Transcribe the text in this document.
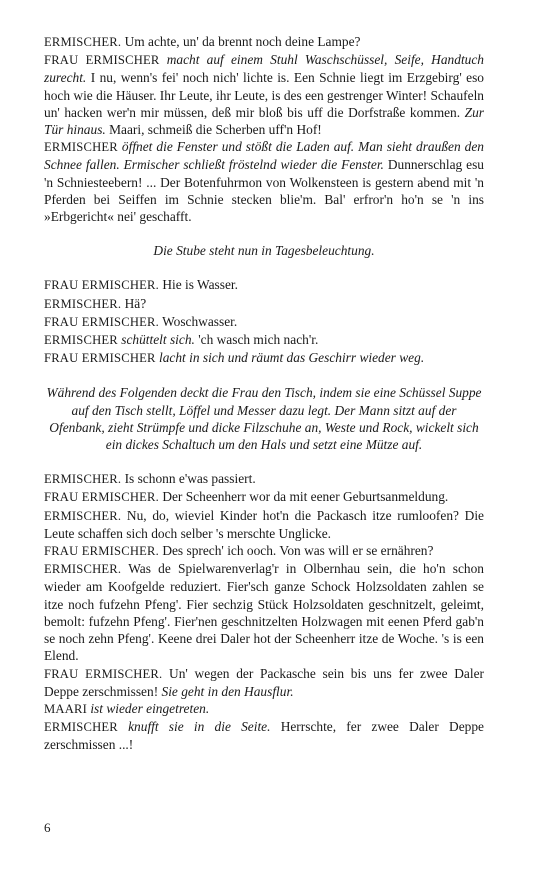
ERMISCHER. Um achte, un' da brennt noch deine Lampe?

FRAU ERMISCHER macht auf einem Stuhl Waschschüssel, Seife, Handtuch zurecht. I nu, wenn's fei' noch nich' lichte is. Een Schnie liegt im Erzgebirg' eso hoch wie die Häuser. Ihr Leute, ihr Leute, is des een gestrenger Winter! Schaufeln un' hacken wer'n mir müssen, deß mir bloß bis uff die Dorfstraße kommen. Zur Tür hinaus. Maari, schmeiß die Scherben uff'n Hof!

ERMISCHER öffnet die Fenster und stößt die Laden auf. Man sieht draußen den Schnee fallen. Ermischer schließt fröstelnd wieder die Fenster. Dunnerschlag esu 'n Schniesteebern! ... Der Botenfuhrmon von Wolkensteen is gestern abend mit 'n Pferden bei Seiffen im Schnie stecken blie'm. Bal' erfror'n ho'n se 'n ins »Erbgericht« nei' geschafft.

Die Stube steht nun in Tagesbeleuchtung.

FRAU ERMISCHER. Hie is Wasser.

ERMISCHER. Hä?

FRAU ERMISCHER. Woschwasser.

ERMISCHER schüttelt sich. 'ch wasch mich nach'r.

FRAU ERMISCHER lacht in sich und räumt das Geschirr wieder weg.

Während des Folgenden deckt die Frau den Tisch, indem sie eine Schüssel Suppe auf den Tisch stellt, Löffel und Messer dazu legt. Der Mann sitzt auf der Ofenbank, zieht Strümpfe und dicke Filzschuhe an, Weste und Rock, wickelt sich ein dickes Schaltuch um den Hals und setzt eine Mütze auf.

ERMISCHER. Is schonn e'was passiert.

FRAU ERMISCHER. Der Scheenherr wor da mit eener Geburtsanmeldung.

ERMISCHER. Nu, do, wieviel Kinder hot'n die Packasch itze rumloofen? Die Leute schaffen sich doch selber 's merschte Unglicke.

FRAU ERMISCHER. Des sprech' ich ooch. Von was will er se ernähren?

ERMISCHER. Was de Spielwarenverlag'r in Olbernhau sein, die ho'n schon wieder am Koofgelde reduziert. Fier'sch ganze Schock Holzsoldaten zahlen se itze noch fufzehn Pfeng'. Fier sechzig Stück Holzsoldaten geschnitzelt, geleimt, bemolt: fufzehn Pfeng'. Fier'nen geschnitzelten Holzwagen mit eenen Pferd gab'n se noch zehn Pfeng'. Keene drei Daler hot der Scheenherr itze de Woche. 's is een Elend.

FRAU ERMISCHER. Un' wegen der Packasche sein bis uns fer zwee Daler Deppe zerschmissen! Sie geht in den Hausflur.

MAARI ist wieder eingetreten.

ERMISCHER knufft sie in die Seite. Herrschte, fer zwee Daler Deppe zerschmissen ...!

6
